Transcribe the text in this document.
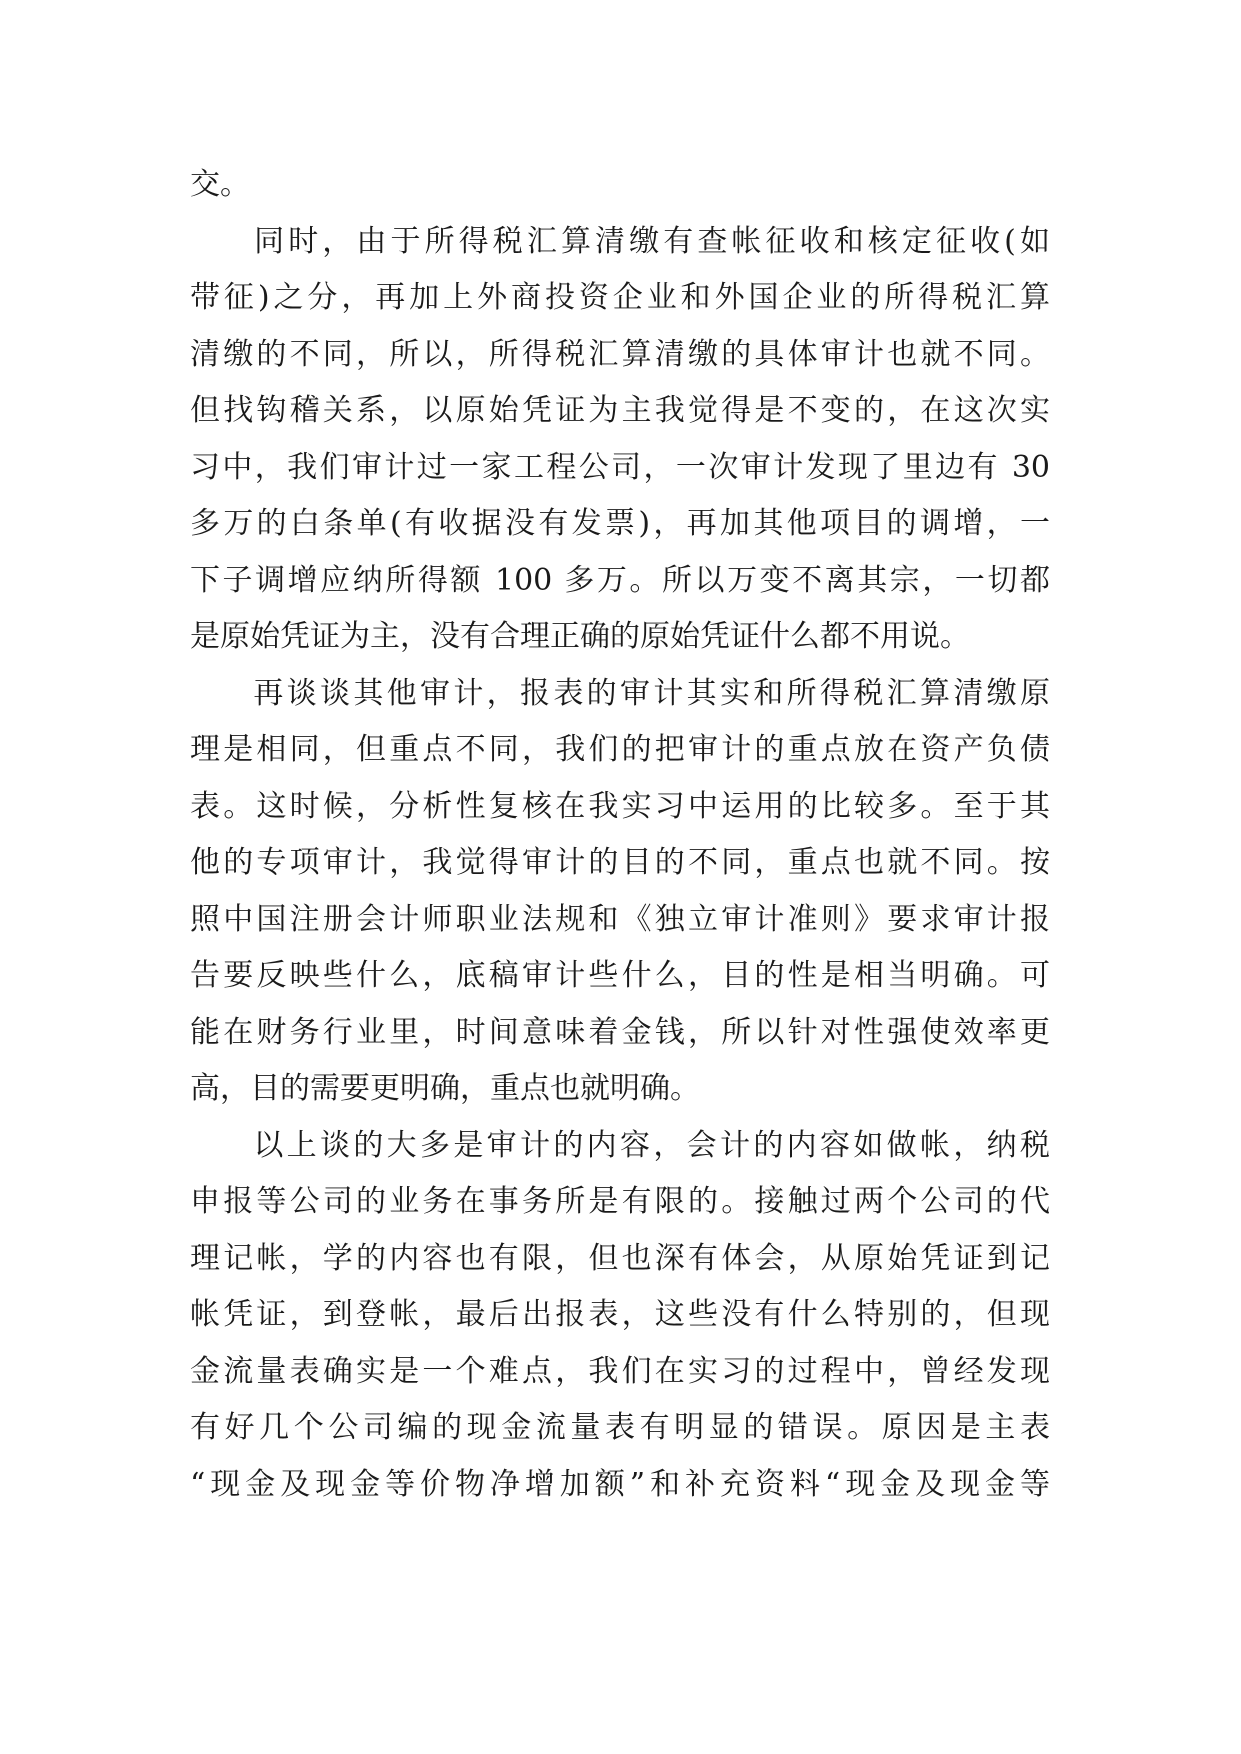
交。
同时，由于所得税汇算清缴有查帐征收和核定征收(如
带征)之分，再加上外商投资企业和外国企业的所得税汇算
清缴的不同，所以，所得税汇算清缴的具体审计也就不同。
但找钩稽关系，以原始凭证为主我觉得是不变的，在这次实
习中，我们审计过一家工程公司，一次审计发现了里边有 30
多万的白条单(有收据没有发票)，再加其他项目的调增，一
下子调增应纳所得额 100 多万。所以万变不离其宗，一切都
是原始凭证为主，没有合理正确的原始凭证什么都不用说。
再谈谈其他审计，报表的审计其实和所得税汇算清缴原
理是相同，但重点不同，我们的把审计的重点放在资产负债
表。这时候，分析性复核在我实习中运用的比较多。至于其
他的专项审计，我觉得审计的目的不同，重点也就不同。按
照中国注册会计师职业法规和《独立审计准则》要求审计报
告要反映些什么，底稿审计些什么，目的性是相当明确。可
能在财务行业里，时间意味着金钱，所以针对性强使效率更
高，目的需要更明确，重点也就明确。
以上谈的大多是审计的内容，会计的内容如做帐，纳税
申报等公司的业务在事务所是有限的。接触过两个公司的代
理记帐，学的内容也有限，但也深有体会，从原始凭证到记
帐凭证，到登帐，最后出报表，这些没有什么特别的，但现
金流量表确实是一个难点，我们在实习的过程中，曾经发现
有好几个公司编的现金流量表有明显的错误。原因是主表
“现金及现金等价物净增加额”和补充资料“现金及现金等
